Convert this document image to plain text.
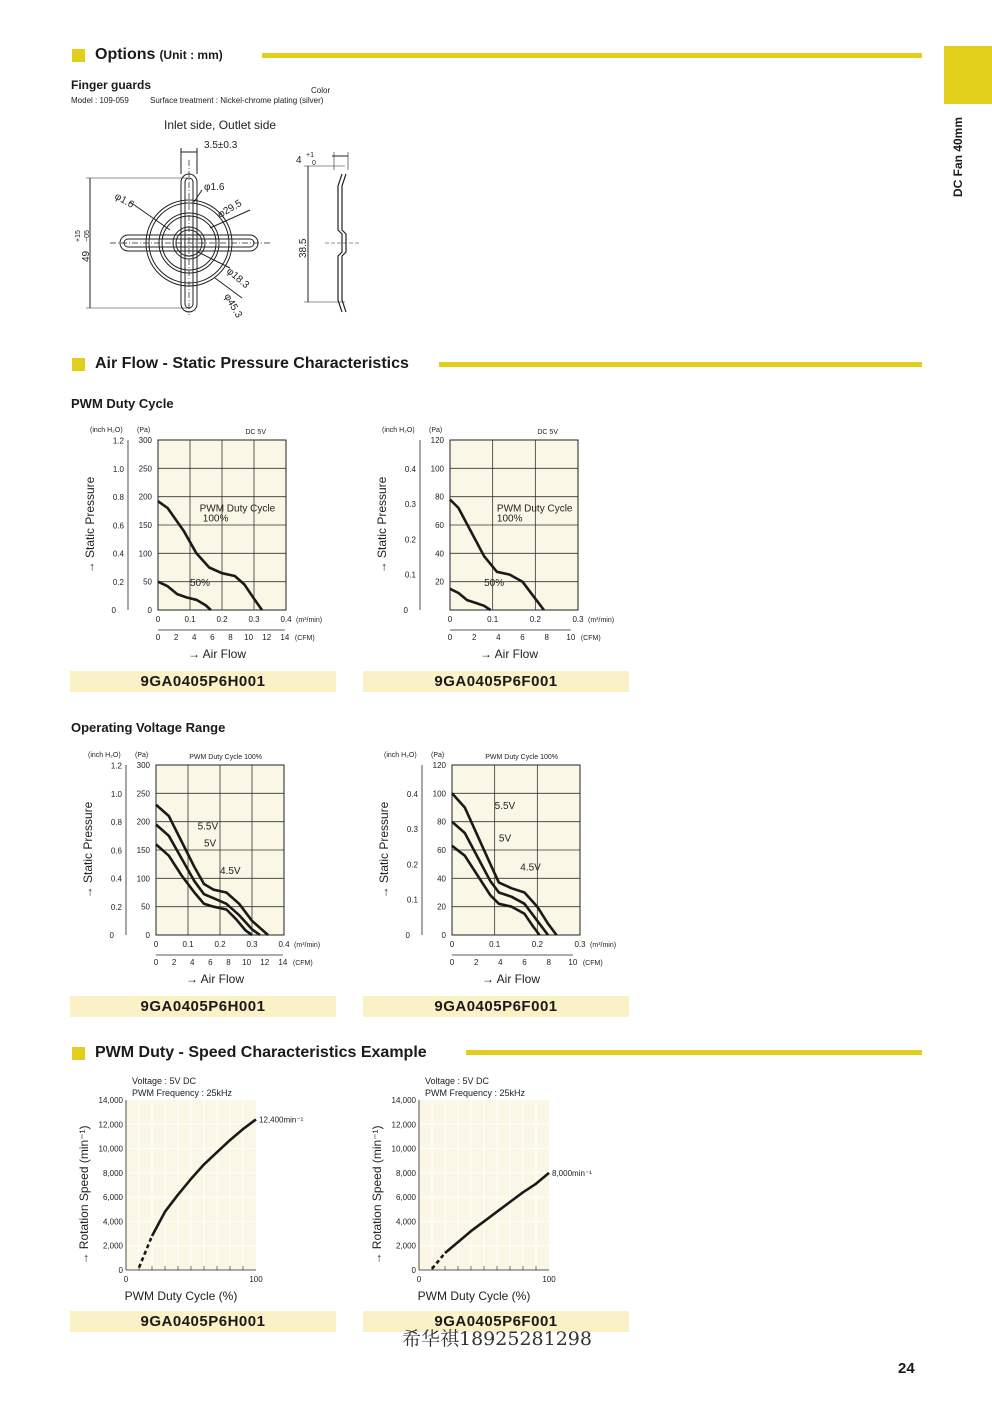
DC Fan 40mm
Options (Unit : mm)
Finger guards	Color
Model : 109-059	Surface treatment : Nickel-chrome plating (silver)
Inlet side, Outlet side
3.5±0.3
φ1.6
φ1.6	φ29.5
φ18.3
φ45.3
49
+15 −05
4 +1
0
38.5
Air Flow - Static Pressure Characteristics
PWM Duty Cycle
Operating Voltage Range
0
50
100
150
200
250
300
0.2
0.4
0.6
0.8
1.0
1.2
0
0	0.1	0.2	0.3	0.4 (m³/min)
0 2 4 6 8 10 12 14 (CFM)
→ Air Flow
(inch H₂O) (Pa)
→ Static Pressure
DC 5V
PWM Duty Cycle
100%
50%	20
40
60
80
100
120
0.1
0.2
0.3
0.4
0
0	0.1	0.2	0.3 (m³/min)
0 2 4 6 8 10 (CFM)
→ Air Flow
(inch H₂O) (Pa)
→ Static Pressure
DC 5V
PWM Duty Cycle
100%
50%
0
50
100
150
200
250
300
0.2
0.4
0.6
0.8
1.0
1.2
0
0	0.1	0.2	0.3	0.4 (m³/min)
0 2 4 6 8 10 12 14 (CFM)
→ Air Flow
(inch H₂O) (Pa)
→ Static Pressure
PWM Duty Cycle 100%
5.5V
5V
4.5V
0
20
40
60
80
100
120
0.1
0.2
0.3
0.4
0
0	0.1	0.2	0.3 (m³/min)
0 2 4 6 8 10 (CFM)
→ Air Flow
(inch H₂O) (Pa)
→ Static Pressure
PWM Duty Cycle 100%
5.5V
5V
4.5V
9GA0405P6H001	9GA0405P6F001
9GA0405P6H001	9GA0405P6F001
PWM Duty - Speed Characteristics Example
0
2,000
4,000
6,000
8,000
10,000
12,000
14,000
0	100
PWM Duty Cycle (%)
→ Rotation Speed (min⁻¹)
Voltage : 5V DC
PWM Frequency : 25kHz
12,400min⁻¹
0
2,000
4,000
6,000
8,000
10,000
12,000
14,000
0	100
PWM Duty Cycle (%)
→ Rotation Speed (min⁻¹)
Voltage : 5V DC
PWM Frequency : 25kHz
8,000min⁻¹
9GA0405P6H001	9GA0405P6F001
希华祺18925281298
24
